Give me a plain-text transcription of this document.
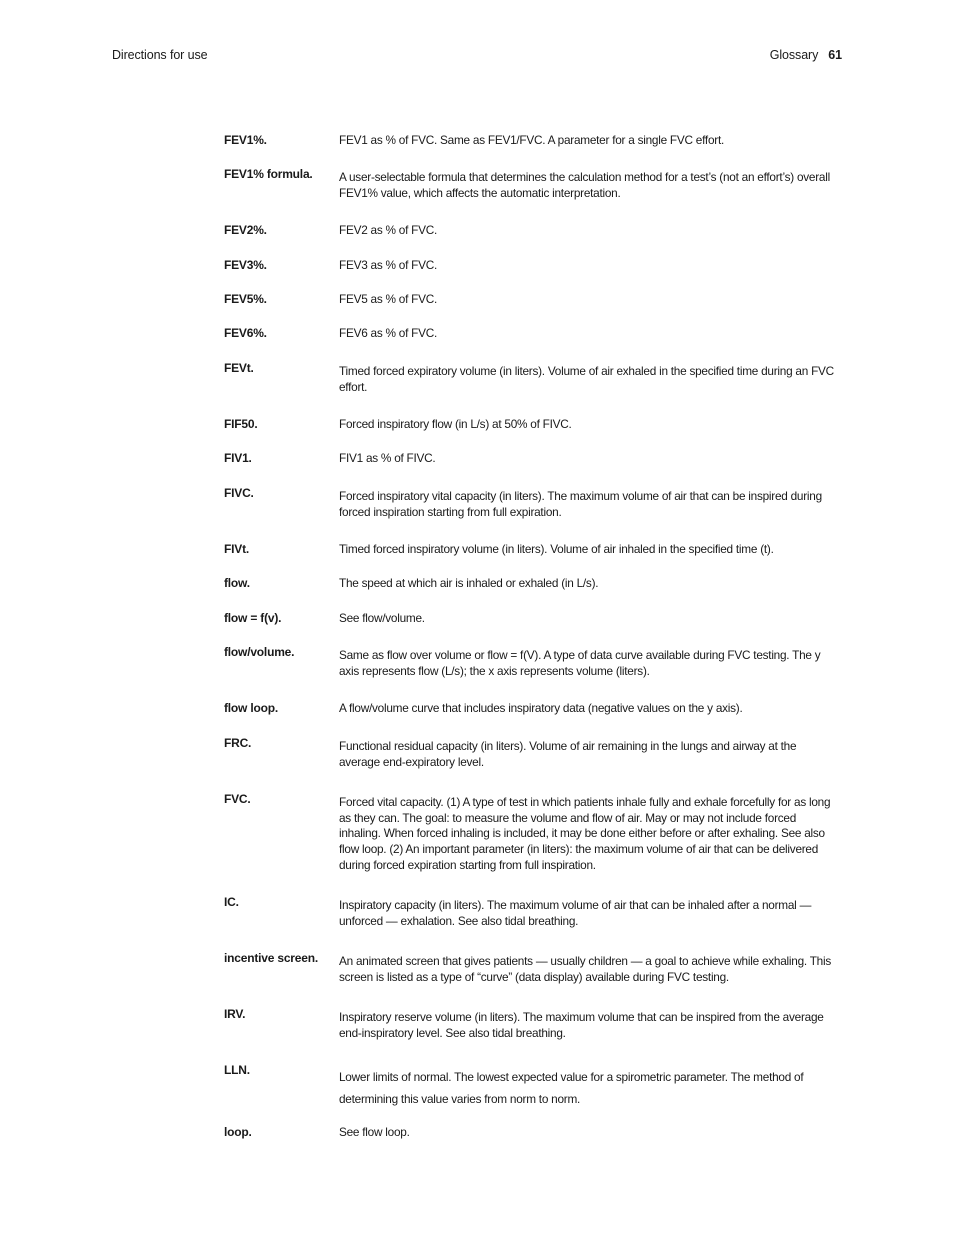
Directions for use	Glossary 61
FEV1%.	FEV1 as % of FVC. Same as FEV1/FVC. A parameter for a single FVC effort.
FEV1% formula.	A user-selectable formula that determines the calculation method for a test’s (not an effort’s) overall FEV1% value, which affects the automatic interpretation.
FEV2%.	FEV2 as % of FVC.
FEV3%.	FEV3 as % of FVC.
FEV5%.	FEV5 as % of FVC.
FEV6%.	FEV6 as % of FVC.
FEVt.	Timed forced expiratory volume (in liters). Volume of air exhaled in the specified time during an FVC effort.
FIF50.	Forced inspiratory flow (in L/s) at 50% of FIVC.
FIV1.	FIV1 as % of FIVC.
FIVC.	Forced inspiratory vital capacity (in liters). The maximum volume of air that can be inspired during forced inspiration starting from full expiration.
FIVt.	Timed forced inspiratory volume (in liters). Volume of air inhaled in the specified time (t).
flow.	The speed at which air is inhaled or exhaled (in L/s).
flow = f(v).	See flow/volume.
flow/volume.	Same as flow over volume or flow = f(V). A type of data curve available during FVC testing. The y axis represents flow (L/s); the x axis represents volume (liters).
flow loop.	A flow/volume curve that includes inspiratory data (negative values on the y axis).
FRC.	Functional residual capacity (in liters). Volume of air remaining in the lungs and airway at the average end-expiratory level.
FVC.	Forced vital capacity. (1) A type of test in which patients inhale fully and exhale forcefully for as long as they can. The goal: to measure the volume and flow of air. May or may not include forced inhaling. When forced inhaling is included, it may be done either before or after exhaling. See also flow loop. (2) An important parameter (in liters): the maximum volume of air that can be delivered during forced expiration starting from full inspiration.
IC.	Inspiratory capacity (in liters). The maximum volume of air that can be inhaled after a normal — unforced — exhalation. See also tidal breathing.
incentive screen.	An animated screen that gives patients — usually children — a goal to achieve while exhaling. This screen is listed as a type of “curve” (data display) available during FVC testing.
IRV.	Inspiratory reserve volume (in liters). The maximum volume that can be inspired from the average end-inspiratory level. See also tidal breathing.
LLN.	Lower limits of normal. The lowest expected value for a spirometric parameter. The method of determining this value varies from norm to norm.
loop.	See flow loop.
